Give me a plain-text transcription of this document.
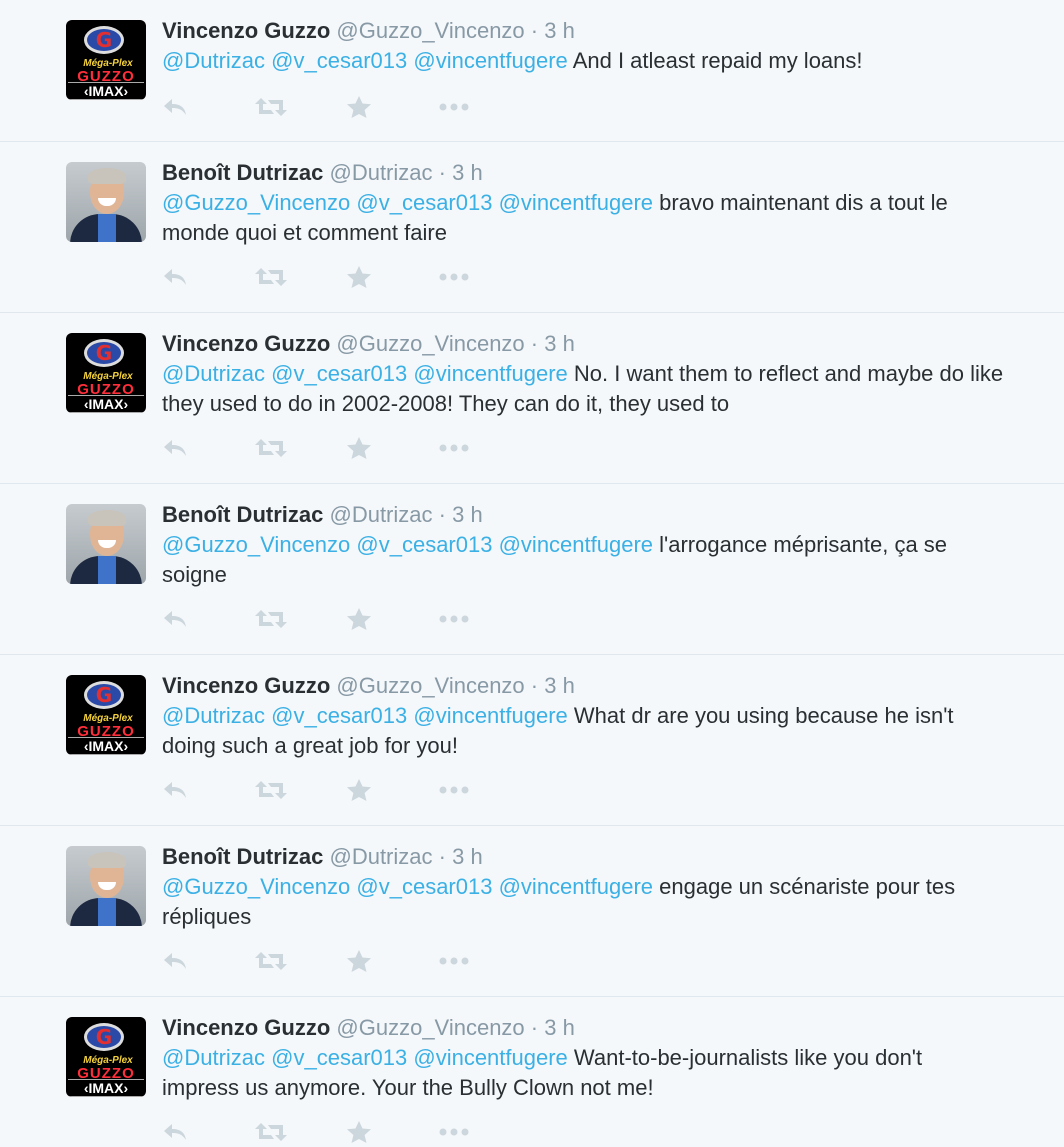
G
Méga-Plex
GUZZO
‹IMAX›
Vincenzo Guzzo @Guzzo_Vincenzo · 3 h

@Dutrizac @v_cesar013 @vincentfugere And I atleast repaid my loans!

Benoît Dutrizac @Dutrizac · 3 h

@Guzzo_Vincenzo @v_cesar013 @vincentfugere bravo maintenant dis a tout le monde quoi et comment faire

G
Méga-Plex
GUZZO
‹IMAX›
Vincenzo Guzzo @Guzzo_Vincenzo · 3 h

@Dutrizac @v_cesar013 @vincentfugere No. I want them to reflect and maybe do like they used to do in 2002-2008! They can do it, they used to

Benoît Dutrizac @Dutrizac · 3 h

@Guzzo_Vincenzo @v_cesar013 @vincentfugere l'arrogance méprisante, ça se soigne

G
Méga-Plex
GUZZO
‹IMAX›
Vincenzo Guzzo @Guzzo_Vincenzo · 3 h

@Dutrizac @v_cesar013 @vincentfugere What dr are you using because he isn't doing such a great job for you!

Benoît Dutrizac @Dutrizac · 3 h

@Guzzo_Vincenzo @v_cesar013 @vincentfugere engage un scénariste pour tes répliques

G
Méga-Plex
GUZZO
‹IMAX›
Vincenzo Guzzo @Guzzo_Vincenzo · 3 h

@Dutrizac @v_cesar013 @vincentfugere Want-to-be-journalists like you don't impress us anymore. Your the Bully Clown not me!
